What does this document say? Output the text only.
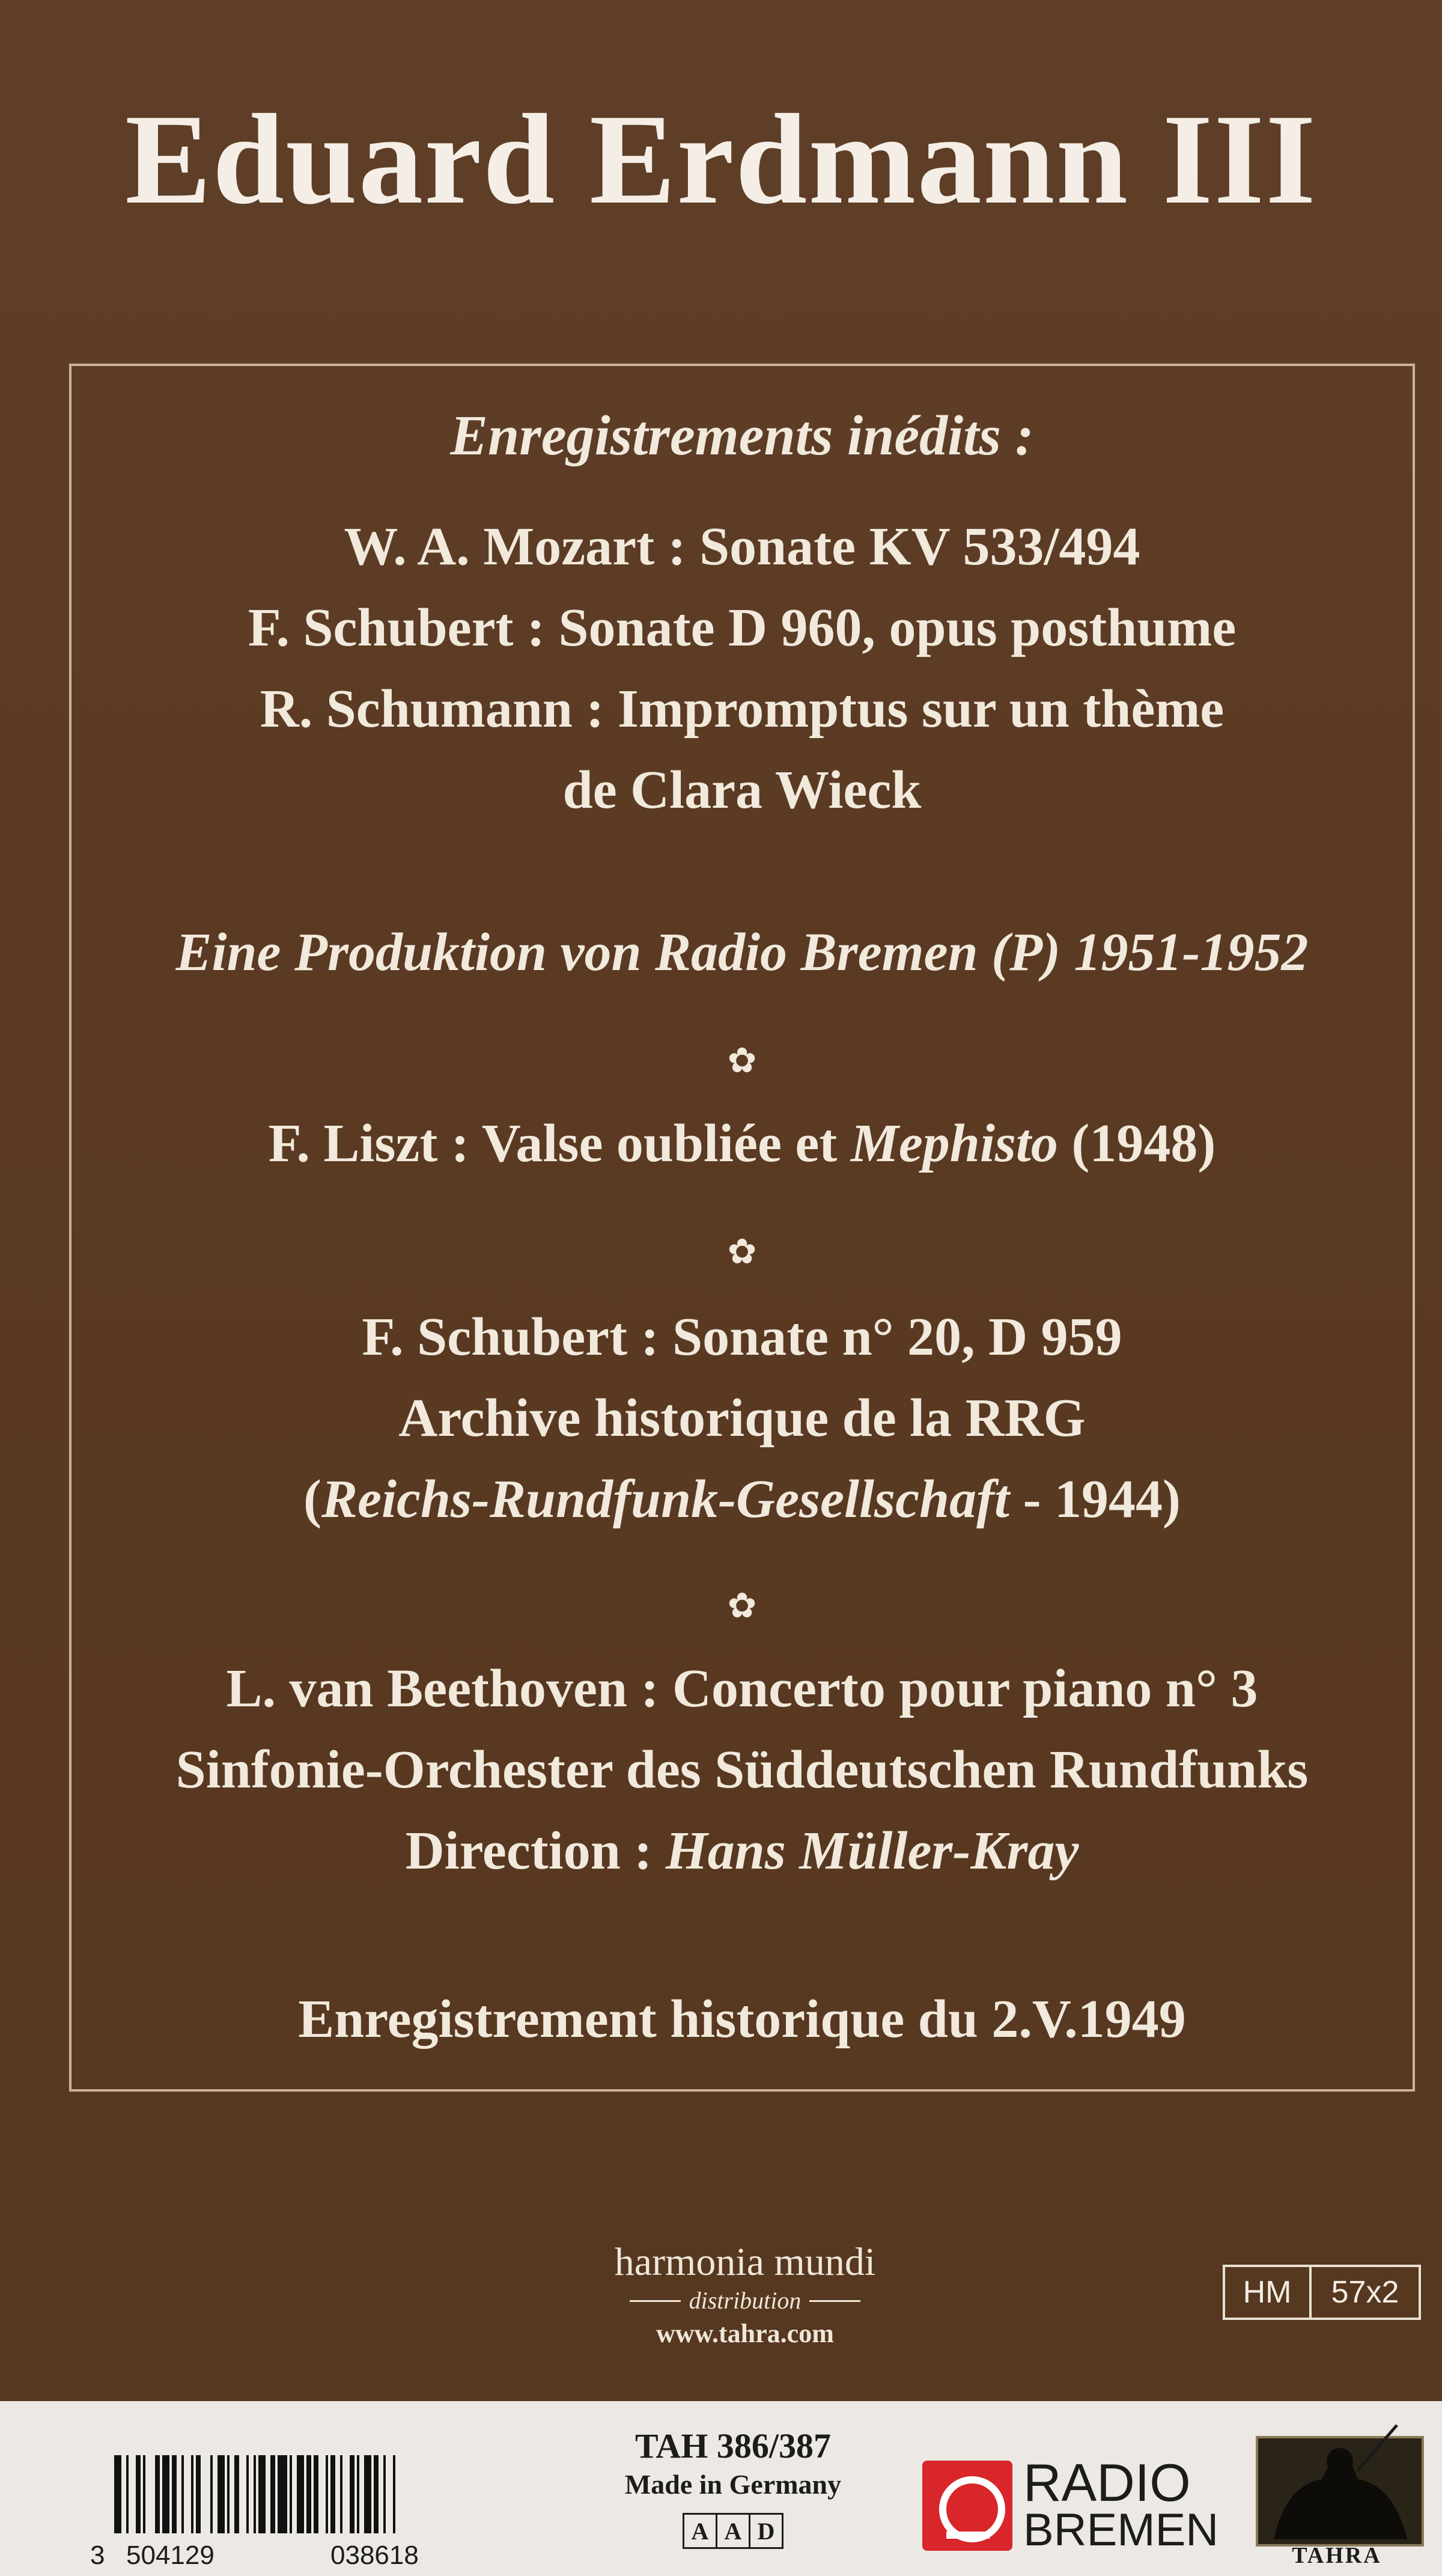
Eduard Erdmann III
Enregistrements inédits :
W. A. Mozart : Sonate KV 533/494
F. Schubert : Sonate D 960, opus posthume
R. Schumann : Impromptus sur un thème
de Clara Wieck
Eine Produktion von Radio Bremen (P) 1951-1952
✿
F. Liszt : Valse oubliée et Mephisto (1948)
✿
F. Schubert : Sonate n° 20, D 959
Archive historique de la RRG
(Reichs-Rundfunk-Gesellschaft - 1944)
✿
L. van Beethoven : Concerto pour piano n° 3
Sinfonie-Orchester des Süddeutschen Rundfunks
Direction : Hans Müller-Kray
Enregistrement historique du 2.V.1949
harmonia mundi
distribution
www.tahra.com
HM	57x2
3 504129	038618
TAH 386/387
Made in Germany
A A D
RADIO
BREMEN	TAHRA
